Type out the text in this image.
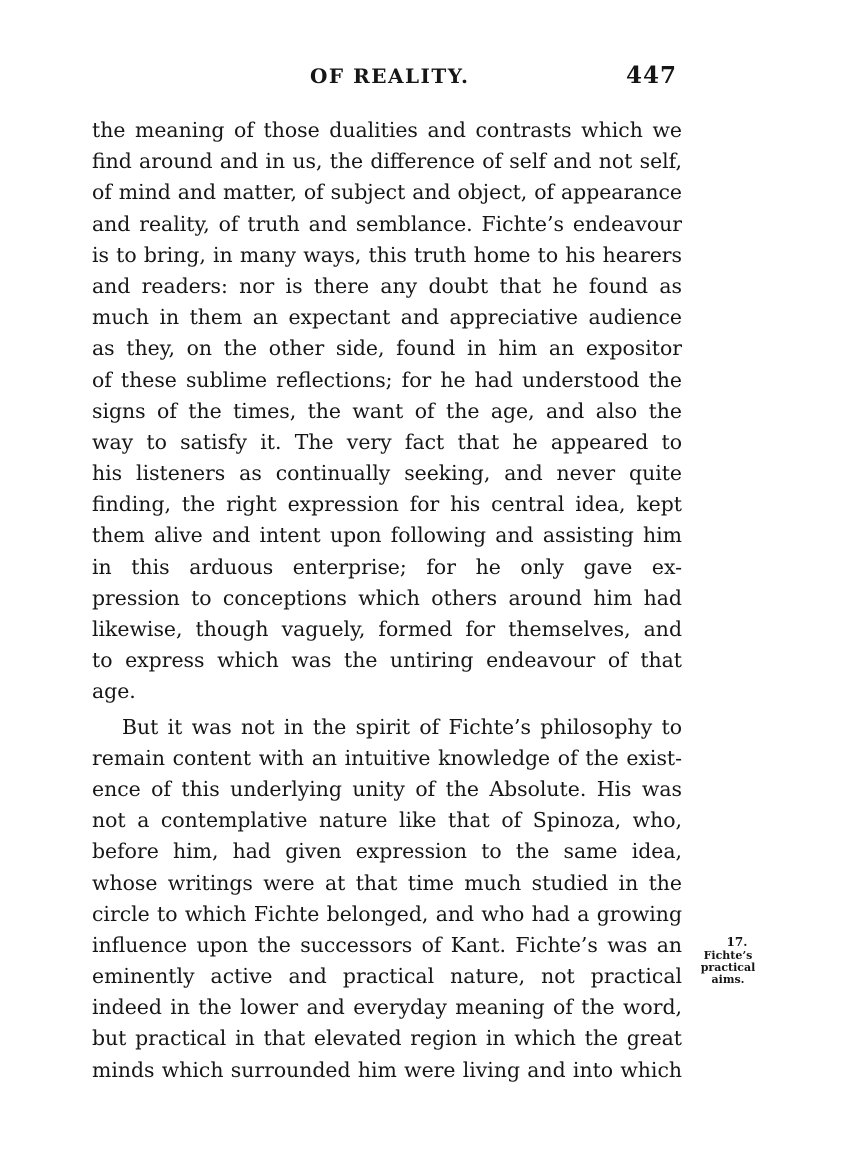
OF REALITY.	447
the meaning of those dualities and contrasts which we
find around and in us, the difference of self and not self,
of mind and matter, of subject and object, of appearance
and reality, of truth and semblance. Fichte’s endeavour
is to bring, in many ways, this truth home to his hearers
and readers: nor is there any doubt that he found as
much in them an expectant and appreciative audience
as they, on the other side, found in him an expositor
of these sublime reflections; for he had understood the
signs of the times, the want of the age, and also the
way to satisfy it. The very fact that he appeared to
his listeners as continually seeking, and never quite
finding, the right expression for his central idea, kept
them alive and intent upon following and assisting him
in this arduous enterprise; for he only gave ex-
pression to conceptions which others around him had
likewise, though vaguely, formed for themselves, and
to express which was the untiring endeavour of that
age.
But it was not in the spirit of Fichte’s philosophy to
remain content with an intuitive knowledge of the exist-
ence of this underlying unity of the Absolute. His was
not a contemplative nature like that of Spinoza, who,
before him, had given expression to the same idea,
whose writings were at that time much studied in the
circle to which Fichte belonged, and who had a growing
influence upon the successors of Kant. Fichte’s was an
eminently active and practical nature, not practical
indeed in the lower and everyday meaning of the word,
but practical in that elevated region in which the great
minds which surrounded him were living and into which
17.
Fichte’s
practical
aims.
